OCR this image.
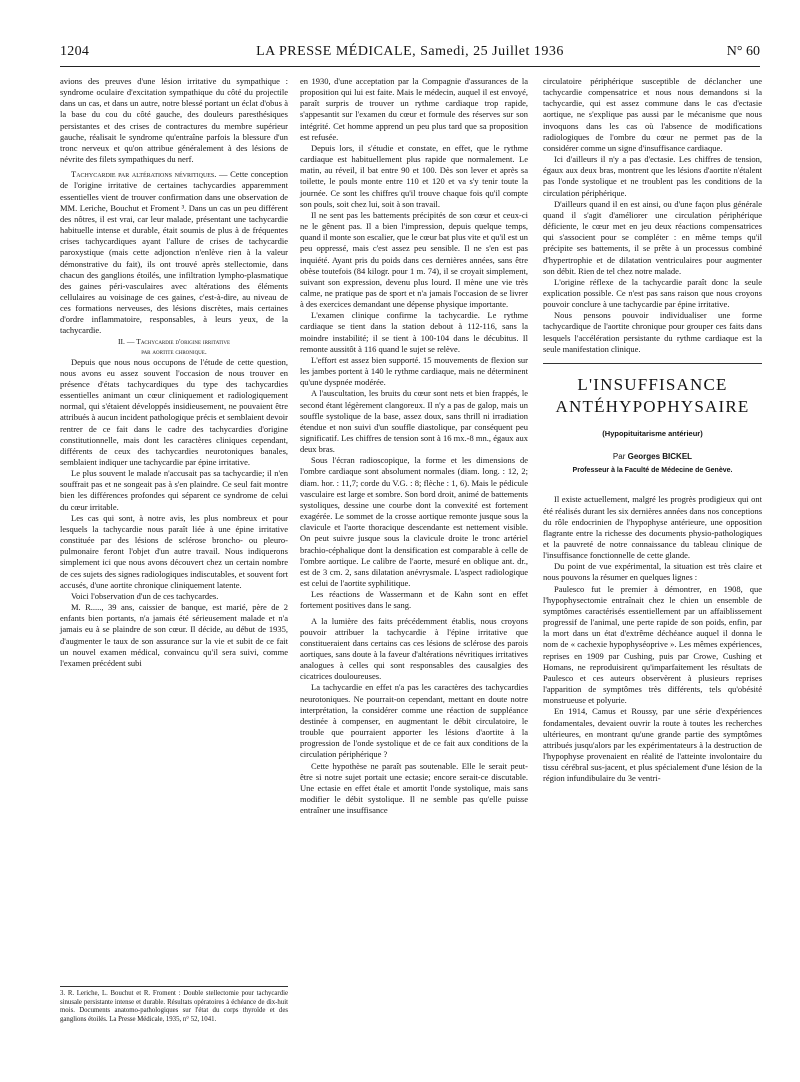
1204	LA PRESSE MÉDICALE, Samedi, 25 Juillet 1936	N° 60

avions des preuves d'une lésion irritative du sympathique : syndrome oculaire d'excitation sympathique du côté du projectile dans un cas, et dans un autre, notre blessé portant un éclat d'obus à la base du cou du côté gauche, des douleurs paresthésiques persistantes et des crises de contractures du membre supérieur gauche, réalisait le syndrome qu'entraîne parfois la blessure d'un tronc nerveux et qu'on attribue généralement à des lésions de névrite des filets sympathiques du nerf.

Tachycardie par altérations névritiques. — Cette conception de l'origine irritative de certaines tachycardies apparemment essentielles vient de trouver confirmation dans une observation de MM. Leriche, Bouchut et Froment ³. Dans un cas un peu différent des nôtres, il est vrai, car leur malade, présentant une tachycardie habituelle intense et durable, était soumis de plus à de fréquentes crises tachycardiques ayant l'allure de crises de tachycardie paroxystique (mais cette adjonction n'enlève rien à la valeur démonstrative du fait), ils ont trouvé après stellectomie, dans chacun des ganglions étoilés, une infiltration lympho-plasmatique des gaines péri-vasculaires avec altérations des éléments cellulaires au voisinage de ces gaines, c'est-à-dire, au niveau de ces formations nerveuses, des lésions discrètes, mais certaines d'ordre inflammatoire, responsables, à leurs yeux, de la tachycardie.

II. — Tachycardie d'origine irritative
par aortite chronique.

Depuis que nous nous occupons de l'étude de cette question, nous avons eu assez souvent l'occasion de nous trouver en présence d'états tachycardiques du type des tachycardies essentielles animant un cœur cliniquement et radiologiquement normal, qui s'étaient développés insidieusement, ne pouvaient être attribués à aucun incident pathologique précis et semblaient devoir rentrer de ce fait dans le cadre des tachycardies d'origine constitutionnelle, mais dont les caractères cliniques cependant, différents de ceux des tachycardies neurotoniques banales, semblaient indiquer une tachycardie par épine irritative.

Le plus souvent le malade n'accusait pas sa tachycardie; il n'en souffrait pas et ne songeait pas à s'en plaindre. Ce seul fait montre bien les différences profondes qui séparent ce syndrome de celui du cœur irritable.

Les cas qui sont, à notre avis, les plus nombreux et pour lesquels la tachycardie nous paraît liée à une épine irritative constituée par des lésions de sclérose broncho- ou pleuro-pulmonaire feront l'objet d'un autre travail. Nous indiquerons simplement ici que nous avons découvert chez un certain nombre de ces sujets des signes radiologiques indiscutables, et souvent fort accusés, d'une aortite chronique cliniquement latente.

Voici l'observation d'un de ces tachycardes.

M. R....., 39 ans, caissier de banque, est marié, père de 2 enfants bien portants, n'a jamais été sérieusement malade et n'a jamais eu à se plaindre de son cœur. Il décide, au début de 1935, d'augmenter le taux de son assurance sur la vie et subit de ce fait un nouvel examen médical, convaincu qu'il sera suivi, comme l'examen précédent subi

3. R. Leriche, L. Bouchut et R. Froment : Double stellectomie pour tachycardie sinusale persistante intense et durable. Résultats opératoires à échéance de dix-huit mois. Documents anatomo-pathologiques sur l'état du corps thyroïde et des ganglions étoilés. La Presse Médicale, 1935, n° 52, 1041.

en 1930, d'une acceptation par la Compagnie d'assurances de la proposition qui lui est faite. Mais le médecin, auquel il est envoyé, paraît surpris de trouver un rythme cardiaque trop rapide, s'appesantit sur l'examen du cœur et formule des réserves sur son intégrité. Cet homme apprend un peu plus tard que sa proposition est refusée.

Depuis lors, il s'étudie et constate, en effet, que le rythme cardiaque est habituellement plus rapide que normalement. Le matin, au réveil, il bat entre 90 et 100. Dès son lever et après sa toilette, le pouls monte entre 110 et 120 et va s'y tenir toute la journée. Ce sont les chiffres qu'il trouve chaque fois qu'il compte son pouls, soit chez lui, soit à son travail.

Il ne sent pas les battements précipités de son cœur et ceux-ci ne le gênent pas. Il a bien l'impression, depuis quelque temps, quand il monte son escalier, que le cœur bat plus vite et qu'il est un peu oppressé, mais c'est assez peu sensible. Il ne s'en est pas inquiété. Ayant pris du poids dans ces dernières années, sans être obèse toutefois (84 kilogr. pour 1 m. 74), il se croyait simplement, suivant son expression, devenu plus lourd. Il mène une vie très calme, ne pratique pas de sport et n'a jamais l'occasion de se livrer à des exercices demandant une dépense physique importante.

L'examen clinique confirme la tachycardie. Le rythme cardiaque se tient dans la station debout à 112-116, sans la moindre instabilité; il se tient à 100-104 dans le décubitus. Il remonte aussitôt à 116 quand le sujet se relève.

L'effort est assez bien supporté. 15 mouvements de flexion sur les jambes portent à 140 le rythme cardiaque, mais ne déterminent qu'une dyspnée modérée.

A l'auscultation, les bruits du cœur sont nets et bien frappés, le second étant légèrement clangoreux. Il n'y a pas de galop, mais un souffle systolique de la base, assez doux, sans thrill ni irradiation étendue et non suivi d'un souffle diastolique, par conséquent peu significatif. Les chiffres de tension sont à 16 mx.-8 mn., égaux aux deux bras.

Sous l'écran radioscopique, la forme et les dimensions de l'ombre cardiaque sont absolument normales (diam. long. : 12, 2; diam. hor. : 11,7; corde du V.G. : 8; flèche : 1, 6). Mais le pédicule vasculaire est large et sombre. Son bord droit, animé de battements systoliques, dessine une courbe dont la convexité est fortement exagérée. Le sommet de la crosse aortique remonte jusque sous la clavicule et l'aorte thoracique descendante est nettement visible. On peut suivre jusque sous la clavicule droite le tronc artériel brachio-céphalique dont la densification est comparable à celle de l'ombre aortique. Le calibre de l'aorte, mesuré en oblique ant. dr., est de 3 cm. 2, sans dilatation anévrysmale. L'aspect radiologique est celui de l'aortite syphilitique.

Les réactions de Wassermann et de Kahn sont en effet fortement positives dans le sang.

A la lumière des faits précédemment établis, nous croyons pouvoir attribuer la tachycardie à l'épine irritative que constitueraient dans certains cas ces lésions de sclérose des parois aortiques, sans doute à la faveur d'altérations névritiques irritatives analogues à celles qui sont responsables des causalgies des cicatrices douloureuses.

La tachycardie en effet n'a pas les caractères des tachycardies neurotoniques. Ne pourrait-on cependant, mettant en doute notre interprétation, la considérer comme une réaction de suppléance destinée à compenser, en augmentant le débit circulatoire, le trouble que pourraient apporter les lésions d'aortite à la progression de l'onde systolique et de ce fait aux conditions de la circulation périphérique ?

Cette hypothèse ne paraît pas soutenable. Elle le serait peut-être si notre sujet portait une ectasie; encore serait-ce discutable. Une ectasie en effet étale et amortit l'onde systolique, mais sans modifier le débit systolique. Il ne semble pas qu'elle puisse entraîner une insuffisance

circulatoire périphérique susceptible de déclancher une tachycardie compensatrice et nous nous demandons si la tachycardie, qui est assez commune dans le cas d'ectasie aortique, ne s'explique pas aussi par le mécanisme que nous invoquons dans les cas où l'absence de modifications radiologiques de l'ombre du cœur ne permet pas de la considérer comme un signe d'insuffisance cardiaque.

Ici d'ailleurs il n'y a pas d'ectasie. Les chiffres de tension, égaux aux deux bras, montrent que les lésions d'aortite n'étalent pas l'onde systolique et ne troublent pas les conditions de la circulation périphérique.

D'ailleurs quand il en est ainsi, ou d'une façon plus générale quand il s'agit d'améliorer une circulation périphérique déficiente, le cœur met en jeu deux réactions compensatrices qui s'associent pour se compléter : en même temps qu'il précipite ses battements, il se prête à un processus combiné d'hypertrophie et de dilatation ventriculaires pour augmenter son débit. Rien de tel chez notre malade.

L'origine réflexe de la tachycardie paraît donc la seule explication possible. Ce n'est pas sans raison que nous croyons pouvoir conclure à une tachycardie par épine irritative.

Nous pensons pouvoir individualiser une forme tachycardique de l'aortite chronique pour grouper ces faits dans lesquels l'accélération persistante du rythme cardiaque est la seule manifestation clinique.

L'INSUFFISANCE
ANTÉHYPOPHYSAIRE
(Hypopituitarisme antérieur)
Par Georges BICKEL
Professeur à la Faculté de Médecine de Genève.

Il existe actuellement, malgré les progrès prodigieux qui ont été réalisés durant les six dernières années dans nos conceptions du rôle endocrinien de l'hypophyse antérieure, une opposition flagrante entre la richesse des documents physio-pathologiques et la pauvreté de notre connaissance du tableau clinique de l'insuffisance fonctionnelle de cette glande.

Du point de vue expérimental, la situation est très claire et nous pouvons la résumer en quelques lignes :

Paulesco fut le premier à démontrer, en 1908, que l'hypophysectomie entraînait chez le chien un ensemble de symptômes caractérisés essentiellement par un affaiblissement progressif de l'animal, une perte rapide de son poids, enfin, par la mort dans un état d'extrême déchéance auquel il donna le nom de « cachexie hypophyséoprive ». Les mêmes expériences, reprises en 1909 par Cushing, puis par Crowe, Cushing et Homans, ne reproduisirent qu'imparfaitement les résultats de Paulesco et ces auteurs observèrent à plusieurs reprises l'apparition de symptômes très différents, tels qu'obésité monstrueuse et polyurie.

En 1914, Camus et Roussy, par une série d'expériences fondamentales, devaient ouvrir la route à toutes les recherches ultérieures, en montrant qu'une grande partie des symptômes attribués jusqu'alors par les expérimentateurs à la destruction de l'hypophyse provenaient en réalité de l'atteinte involontaire du tissu cérébral sus-jacent, et plus spécialement d'une lésion de la région infundibulaire du 3e ventri-
